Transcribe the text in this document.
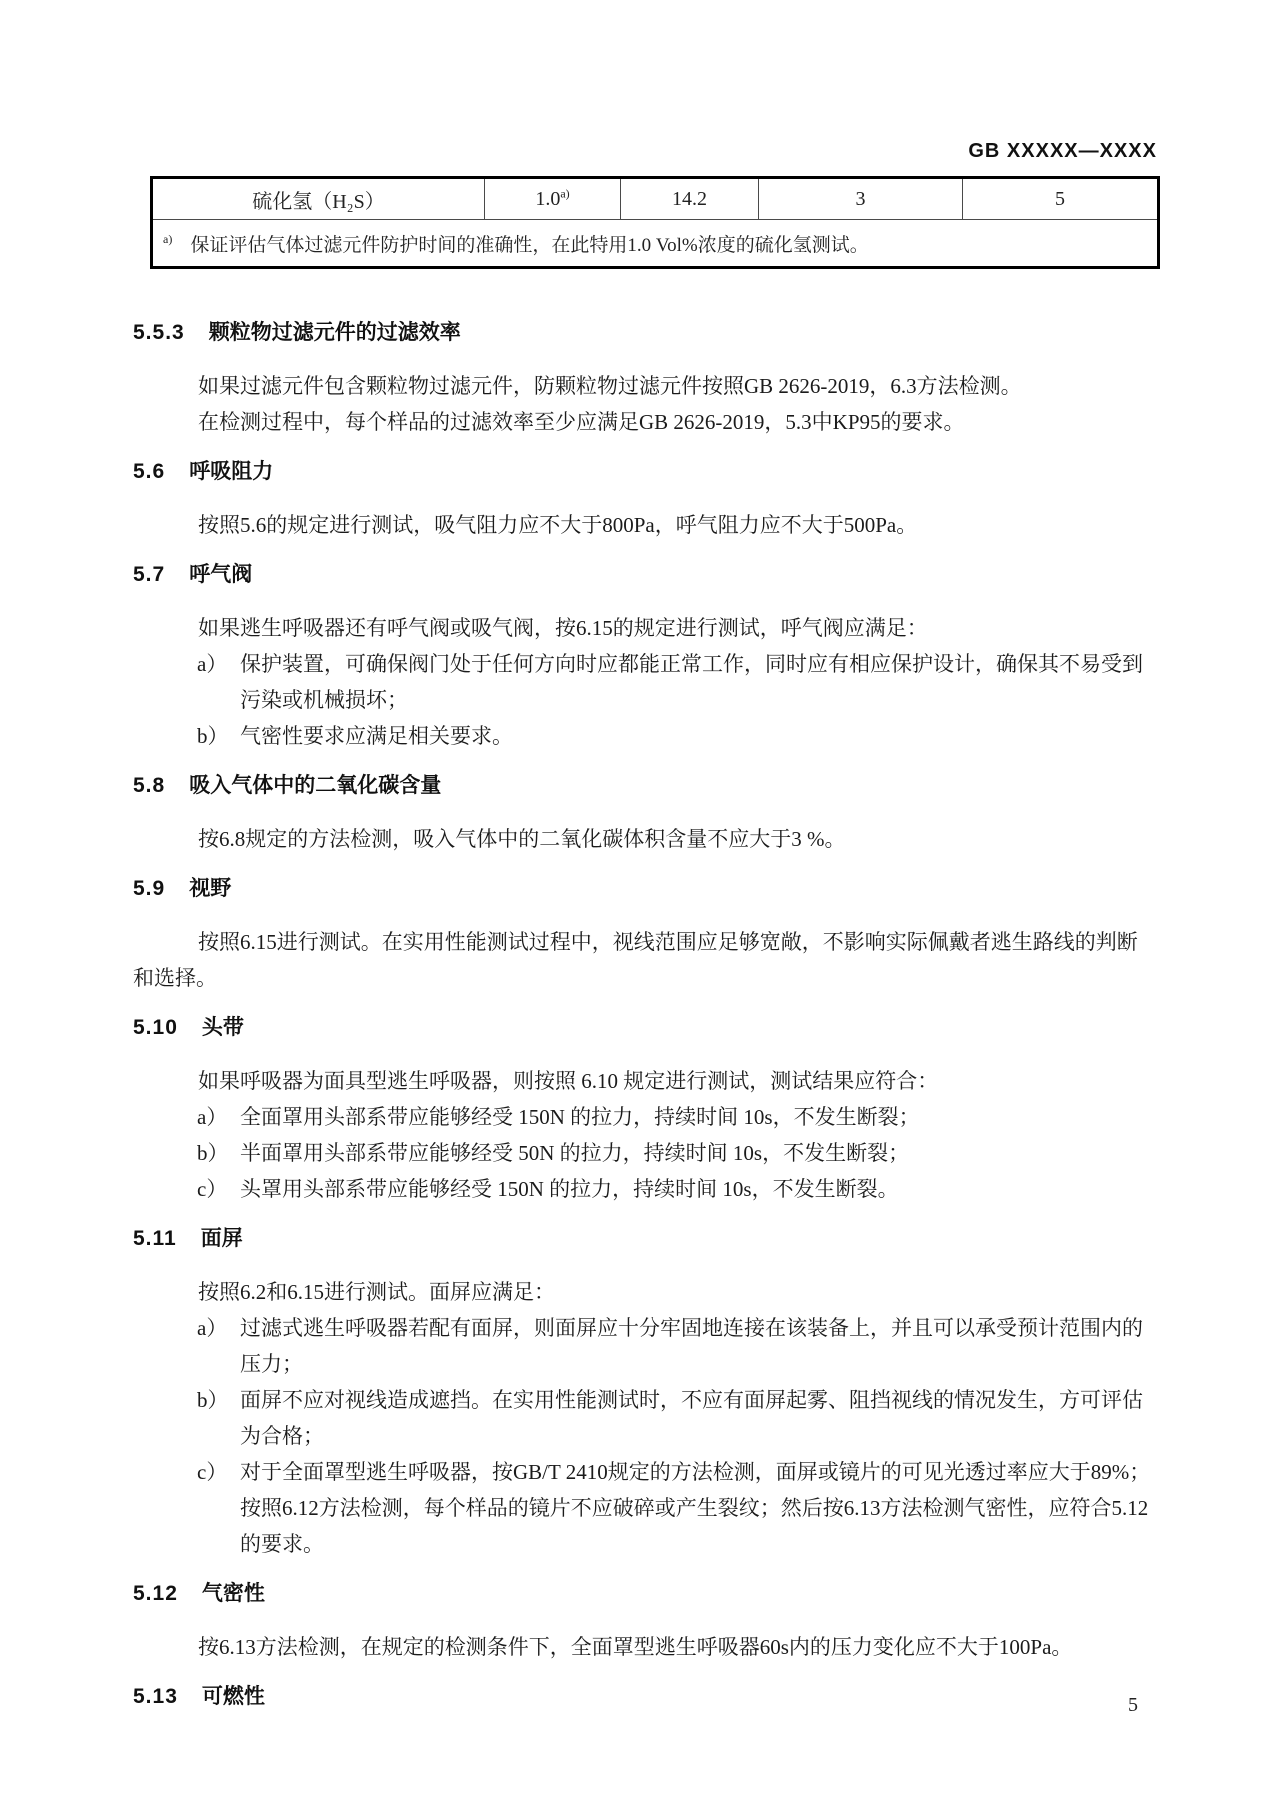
GB XXXXX—XXXX
硫化氢（H₂S）	1.0$^{a)}$	14.2	3	5
$^{a)}$ 保证评估气体过滤元件防护时间的准确性，在此特用1.0 Vol%浓度的硫化氢测试。
5.5.3 颗粒物过滤元件的过滤效率

如果过滤元件包含颗粒物过滤元件，防颗粒物过滤元件按照GB 2626-2019，6.3方法检测。

在检测过程中，每个样品的过滤效率至少应满足GB 2626-2019，5.3中KP95的要求。

5.6 呼吸阻力

按照5.6的规定进行测试，吸气阻力应不大于800Pa，呼气阻力应不大于500Pa。

5.7 呼气阀

如果逃生呼吸器还有呼气阀或吸气阀，按6.15的规定进行测试，呼气阀应满足：

a） 保护装置，可确保阀门处于任何方向时应都能正常工作，同时应有相应保护设计，确保其不易受到污染或机械损坏；
b） 气密性要求应满足相关要求。
5.8 吸入气体中的二氧化碳含量

按6.8规定的方法检测，吸入气体中的二氧化碳体积含量不应大于3 %。

5.9 视野

按照6.15进行测试。在实用性能测试过程中，视线范围应足够宽敞，不影响实际佩戴者逃生路线的判断和选择。

5.10 头带

如果呼吸器为面具型逃生呼吸器，则按照 6.10 规定进行测试，测试结果应符合：

a） 全面罩用头部系带应能够经受 150N 的拉力，持续时间 10s，不发生断裂；
b） 半面罩用头部系带应能够经受 50N 的拉力，持续时间 10s，不发生断裂；
c） 头罩用头部系带应能够经受 150N 的拉力，持续时间 10s，不发生断裂。
5.11 面屏

按照6.2和6.15进行测试。面屏应满足：

a） 过滤式逃生呼吸器若配有面屏，则面屏应十分牢固地连接在该装备上，并且可以承受预计范围内的压力；
b） 面屏不应对视线造成遮挡。在实用性能测试时，不应有面屏起雾、阻挡视线的情况发生，方可评估为合格；
c） 对于全面罩型逃生呼吸器，按GB/T 2410规定的方法检测，面屏或镜片的可见光透过率应大于89%；按照6.12方法检测，每个样品的镜片不应破碎或产生裂纹；然后按6.13方法检测气密性，应符合5.12的要求。
5.12 气密性

按6.13方法检测，在规定的检测条件下，全面罩型逃生呼吸器60s内的压力变化应不大于100Pa。

5.13 可燃性	5
